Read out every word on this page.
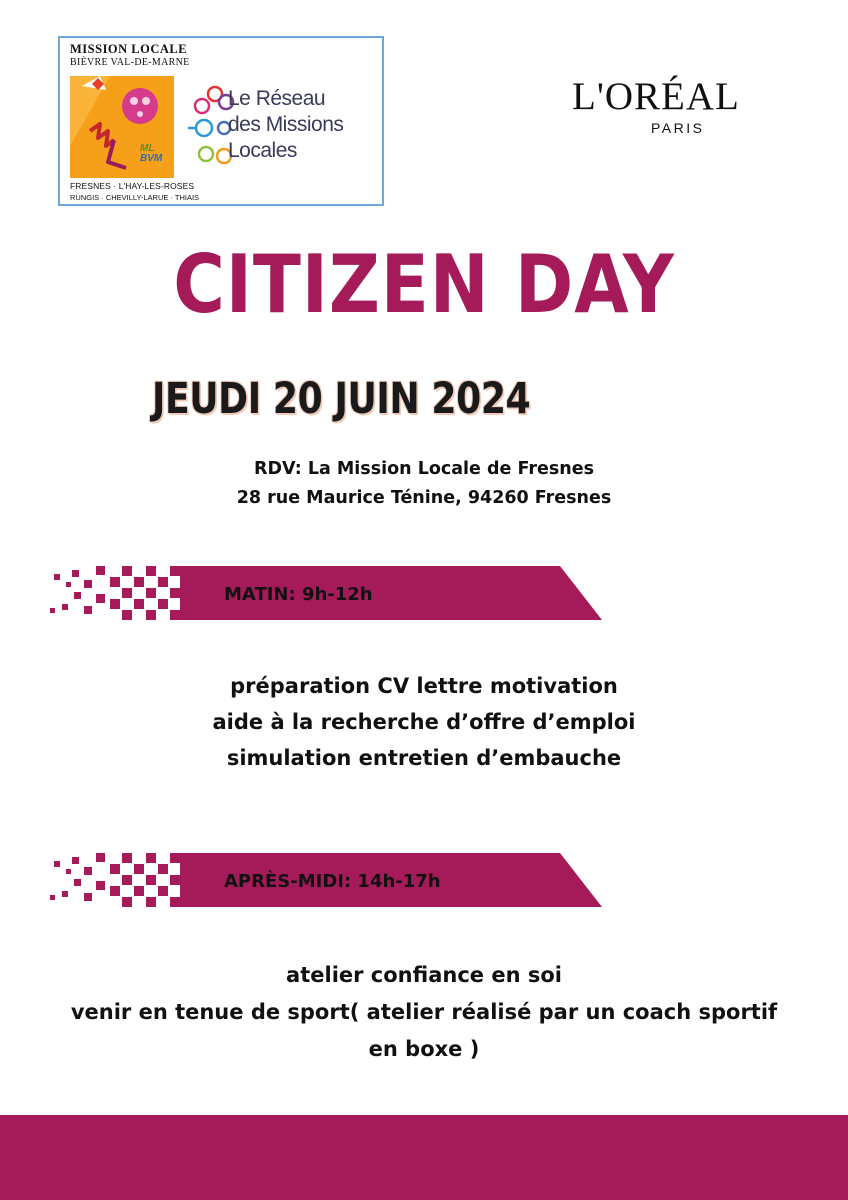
MISSION LOCALE
BIÈVRE VAL-DE-MARNE
ML
BVM
FRESNES · L'HAY-LES-ROSES
RUNGIS · CHEVILLY-LARUE · THIAIS
Le Réseau
des Missions
Locales
L'ORÉAL
PARIS
CITIZEN DAY
JEUDI 20 JUIN 2024
RDV: La Mission Locale de Fresnes
28 rue Maurice Ténine, 94260 Fresnes
MATIN: 9h-12h
préparation CV lettre motivation
aide à la recherche d’offre d’emploi
simulation entretien d’embauche
APRÈS-MIDI: 14h-17h
atelier confiance en soi
venir en tenue de sport( atelier réalisé par un coach sportif
en boxe )
